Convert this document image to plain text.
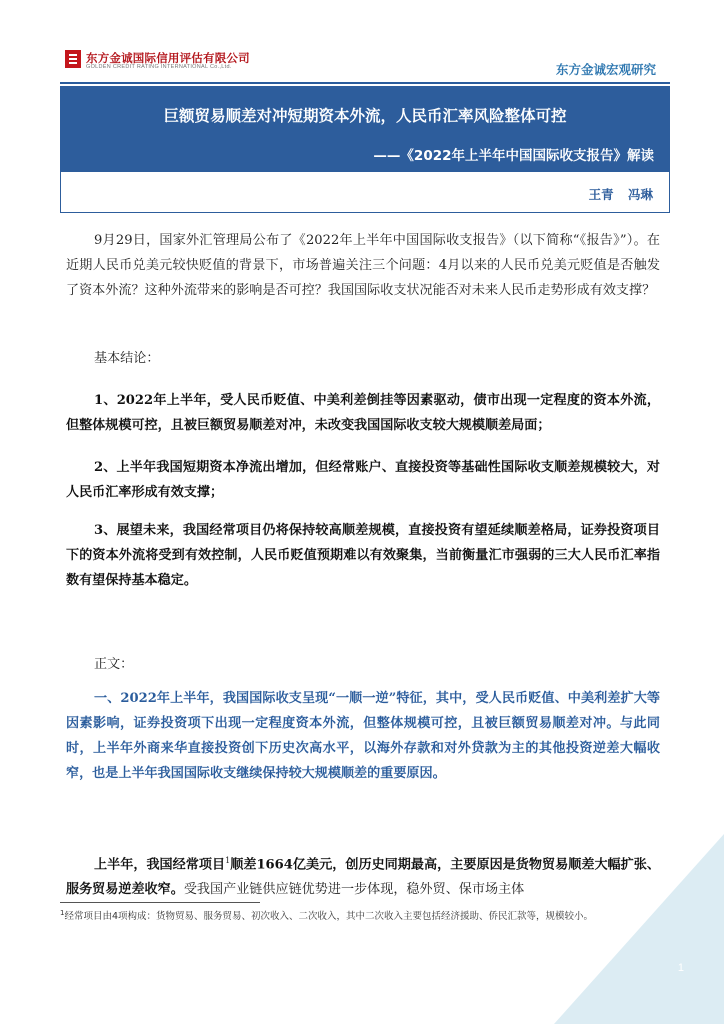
东方金诚国际信用评估有限公司
GOLDEN CREDIT RATING INTERNATIONAL Co.,Ltd.	东方金诚宏观研究
巨额贸易顺差对冲短期资本外流，人民币汇率风险整体可控
——《2022年上半年中国国际收支报告》解读
王青 冯琳

9月29日，国家外汇管理局公布了《2022年上半年中国国际收支报告》（以下简称“《报告》”）。在近期人民币兑美元较快贬值的背景下，市场普遍关注三个问题：4月以来的人民币兑美元贬值是否触发了资本外流？这种外流带来的影响是否可控？我国国际收支状况能否对未来人民币走势形成有效支撑？

基本结论：

1、2022年上半年，受人民币贬值、中美利差倒挂等因素驱动，债市出现一定程度的资本外流，但整体规模可控，且被巨额贸易顺差对冲，未改变我国国际收支较大规模顺差局面；

2、上半年我国短期资本净流出增加，但经常账户、直接投资等基础性国际收支顺差规模较大，对人民币汇率形成有效支撑；

3、展望未来，我国经常项目仍将保持较高顺差规模，直接投资有望延续顺差格局，证券投资项目下的资本外流将受到有效控制，人民币贬值预期难以有效聚集，当前衡量汇市强弱的三大人民币汇率指数有望保持基本稳定。

正文：

一、2022年上半年，我国国际收支呈现“一顺一逆”特征，其中，受人民币贬值、中美利差扩大等因素影响，证券投资项下出现一定程度资本外流，但整体规模可控，且被巨额贸易顺差对冲。与此同时，上半年外商来华直接投资创下历史次高水平，以海外存款和对外贷款为主的其他投资逆差大幅收窄，也是上半年我国国际收支继续保持较大规模顺差的重要原因。

上半年，我国经常项目$^1$顺差1664亿美元，创历史同期最高，主要原因是货物贸易顺差大幅扩张、服务贸易逆差收窄。受我国产业链供应链优势进一步体现，稳外贸、保市场主体

$^1$经常项目由4项构成：货物贸易、服务贸易、初次收入、二次收入，其中二次收入主要包括经济援助、侨民汇款等，规模较小。

1
